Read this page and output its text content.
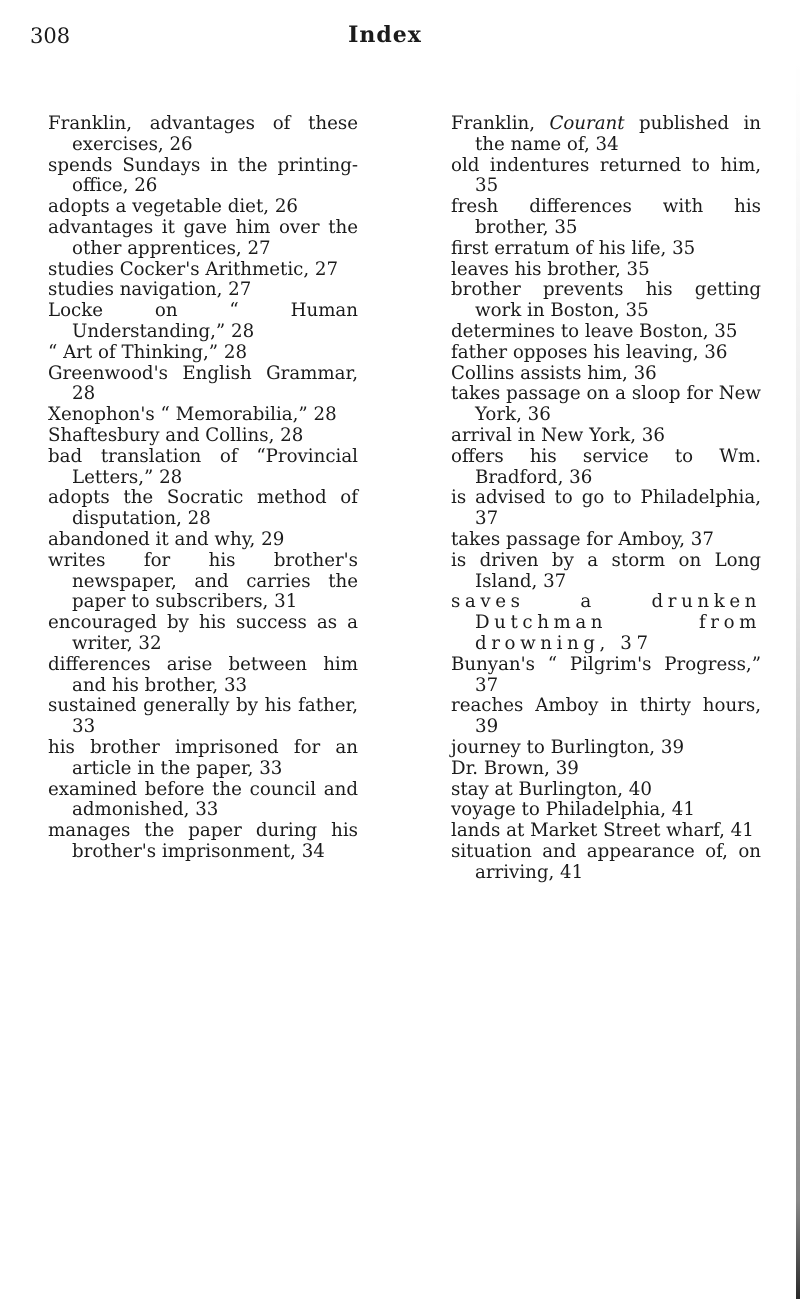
308	Index
Franklin, advantages of these exercises, 26
spends Sundays in the printing-office, 26
adopts a vegetable diet, 26
advantages it gave him over the other apprentices, 27
studies Cocker's Arithmetic, 27
studies navigation, 27
Locke on “ Human Understanding,” 28
“ Art of Thinking,” 28
Greenwood's English Grammar, 28
Xenophon's “ Memorabilia,” 28
Shaftesbury and Collins, 28
bad translation of “Provincial Letters,” 28
adopts the Socratic method of disputation, 28
abandoned it and why, 29
writes for his brother's newspaper, and carries the paper to subscribers, 31
encouraged by his success as a writer, 32
differences arise between him and his brother, 33
sustained generally by his father, 33
his brother imprisoned for an article in the paper, 33
examined before the council and admonished, 33
manages the paper during his brother's imprisonment, 34
Franklin, Courant published in the name of, 34
old indentures returned to him, 35
fresh differences with his brother, 35
first erratum of his life, 35
leaves his brother, 35
brother prevents his getting work in Boston, 35
determines to leave Boston, 35
father opposes his leaving, 36
Collins assists him, 36
takes passage on a sloop for New York, 36
arrival in New York, 36
offers his service to Wm. Bradford, 36
is advised to go to Philadelphia, 37
takes passage for Amboy, 37
is driven by a storm on Long Island, 37
saves a drunken Dutchman from drowning, 37
Bunyan's “ Pilgrim's Progress,” 37
reaches Amboy in thirty hours, 39
journey to Burlington, 39
Dr. Brown, 39
stay at Burlington, 40
voyage to Philadelphia, 41
lands at Market Street wharf, 41
situation and appearance of, on arriving, 41
